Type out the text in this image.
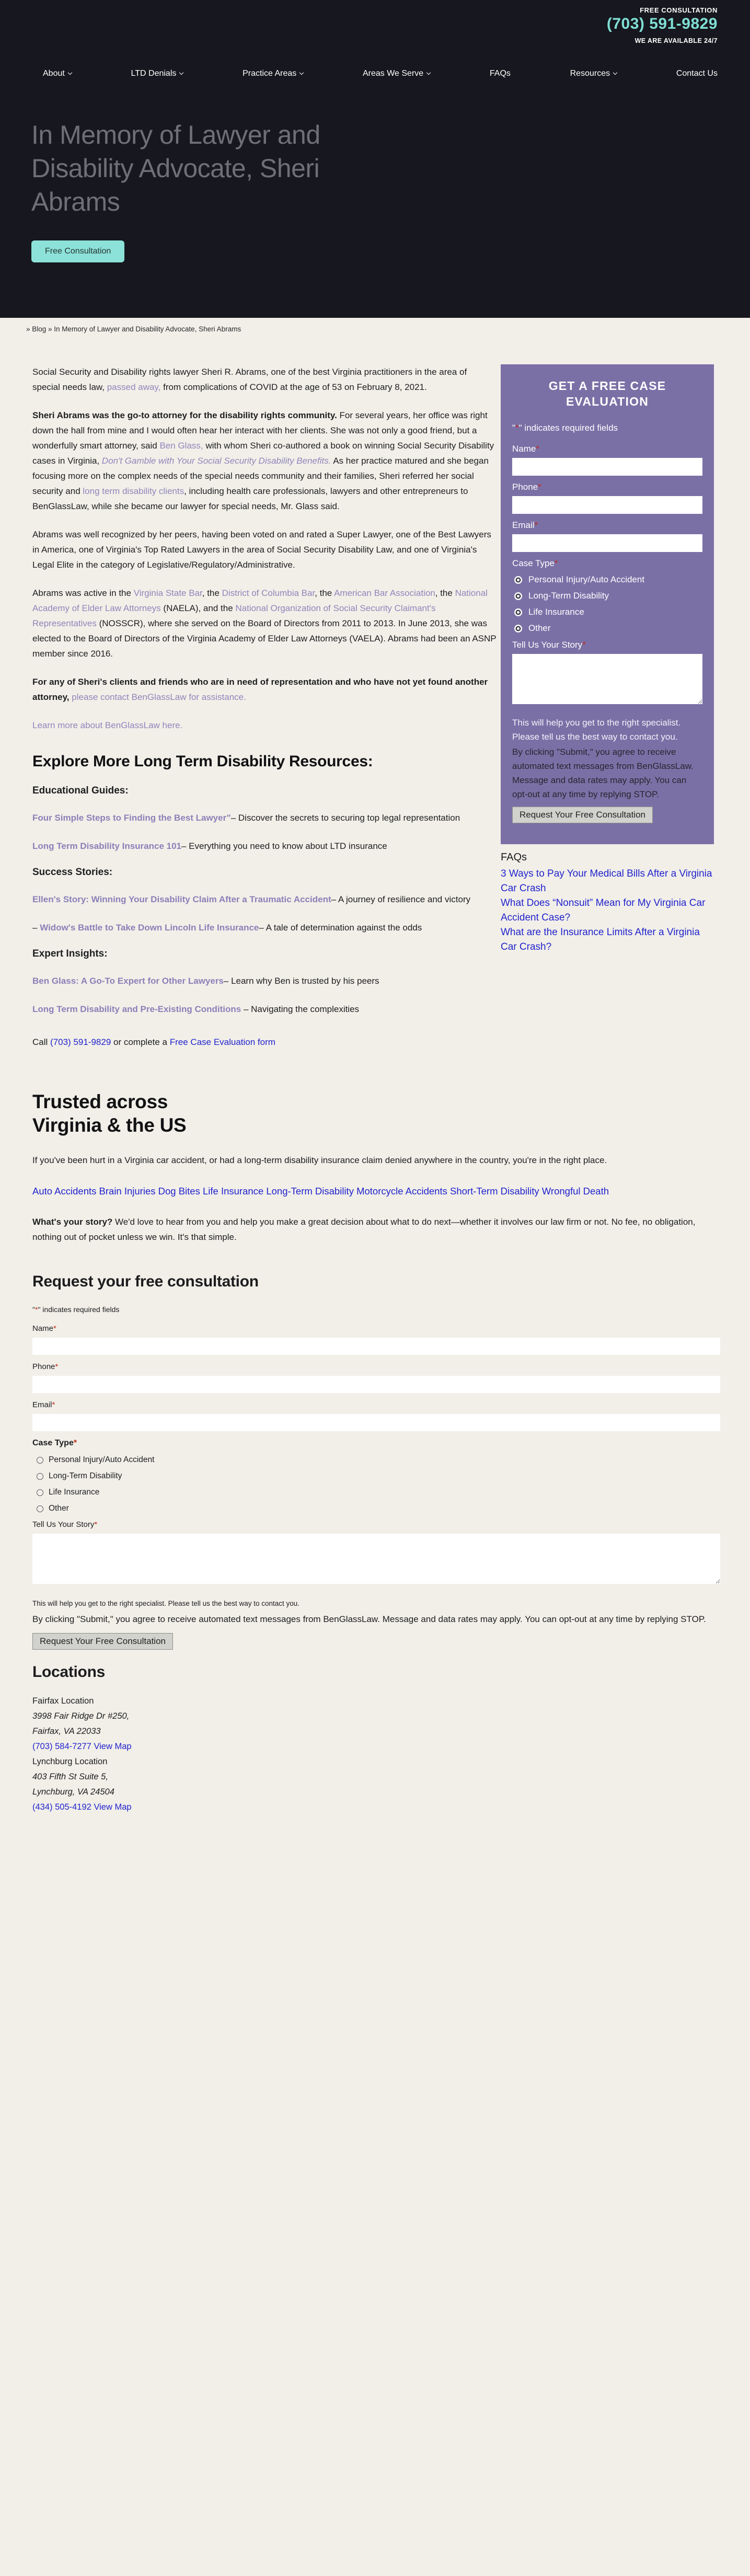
FREE CONSULTATION
(703) 591-9829
WE ARE AVAILABLE 24/7
About	LTD Denials	Practice Areas	Areas We Serve	FAQs	Resources	Contact Us
In Memory of Lawyer and
Disability Advocate, Sheri
Abrams
Free Consultation
» Blog » In Memory of Lawyer and Disability Advocate, Sheri Abrams

Social Security and Disability rights lawyer Sheri R. Abrams, one of the best Virginia practitioners in the area of special needs law, passed away, from complications of COVID at the age of 53 on February 8, 2021.

Sheri Abrams was the go-to attorney for the disability rights community. For several years, her office was right down the hall from mine and I would often hear her interact with her clients. She was not only a good friend, but a wonderfully smart attorney, said Ben Glass, with whom Sheri co-authored a book on winning Social Security Disability cases in Virginia, Don't Gamble with Your Social Security Disability Benefits. As her practice matured and she began focusing more on the complex needs of the special needs community and their families, Sheri referred her social security and long term disability clients, including health care professionals, lawyers and other entrepreneurs to BenGlassLaw, while she became our lawyer for special needs, Mr. Glass said.

Abrams was well recognized by her peers, having been voted on and rated a Super Lawyer, one of the Best Lawyers in America, one of Virginia's Top Rated Lawyers in the area of Social Security Disability Law, and one of Virginia's Legal Elite in the category of Legislative/Regulatory/Administrative.

Abrams was active in the Virginia State Bar, the District of Columbia Bar, the American Bar Association, the National Academy of Elder Law Attorneys (NAELA), and the National Organization of Social Security Claimant's Representatives (NOSSCR), where she served on the Board of Directors from 2011 to 2013. In June 2013, she was elected to the Board of Directors of the Virginia Academy of Elder Law Attorneys (VAELA). Abrams had been an ASNP member since 2016.

For any of Sheri's clients and friends who are in need of representation and who have not yet found another attorney, please contact BenGlassLaw for assistance.

Learn more about BenGlassLaw here.

Explore More Long Term Disability Resources:
Educational Guides:

Four Simple Steps to Finding the Best Lawyer”– Discover the secrets to securing top legal representation

Long Term Disability Insurance 101– Everything you need to know about LTD insurance

Success Stories:

Ellen's Story: Winning Your Disability Claim After a Traumatic Accident– A journey of resilience and victory

– Widow's Battle to Take Down Lincoln Life Insurance– A tale of determination against the odds

Expert Insights:

Ben Glass: A Go-To Expert for Other Lawyers– Learn why Ben is trusted by his peers

Long Term Disability and Pre-Existing Conditions – Navigating the complexities

Call (703) 591-9829 or complete a Free Case Evaluation form

GET A FREE CASE EVALUATION
"*" indicates required fields
Name*
Phone*
Email*
Case Type*
Personal Injury/Auto Accident
Long-Term Disability
Life Insurance
Other
Tell Us Your Story*
This will help you get to the right specialist. Please tell us the best way to contact you.
By clicking "Submit," you agree to receive automated text messages from BenGlassLaw. Message and data rates may apply. You can opt-out at any time by replying STOP.
Request Your Free Consultation
FAQs
3 Ways to Pay Your Medical Bills After a Virginia Car Crash
What Does “Nonsuit” Mean for My Virginia Car Accident Case?
What are the Insurance Limits After a Virginia Car Crash?
Trusted across
Virginia & the US

If you've been hurt in a Virginia car accident, or had a long-term disability insurance claim denied anywhere in the country, you're in the right place.

Auto Accidents Brain Injuries Dog Bites Life Insurance Long-Term Disability Motorcycle Accidents Short-Term Disability Wrongful Death

What's your story? We'd love to hear from you and help you make a great decision about what to do next—whether it involves our law firm or not. No fee, no obligation, nothing out of pocket unless we win. It's that simple.

Request your free consultation
"*" indicates required fields
Name*
Phone*
Email*
Case Type*
Personal Injury/Auto Accident
Long-Term Disability
Life Insurance
Other
Tell Us Your Story*
This will help you get to the right specialist. Please tell us the best way to contact you.
By clicking "Submit," you agree to receive automated text messages from BenGlassLaw. Message and data rates may apply. You can opt-out at any time by replying STOP.
Request Your Free Consultation
Locations

Fairfax Location

3998 Fair Ridge Dr #250,

Fairfax, VA 22033

(703) 584-7277 View Map

Lynchburg Location

403 Fifth St Suite 5,

Lynchburg, VA 24504

(434) 505-4192 View Map
